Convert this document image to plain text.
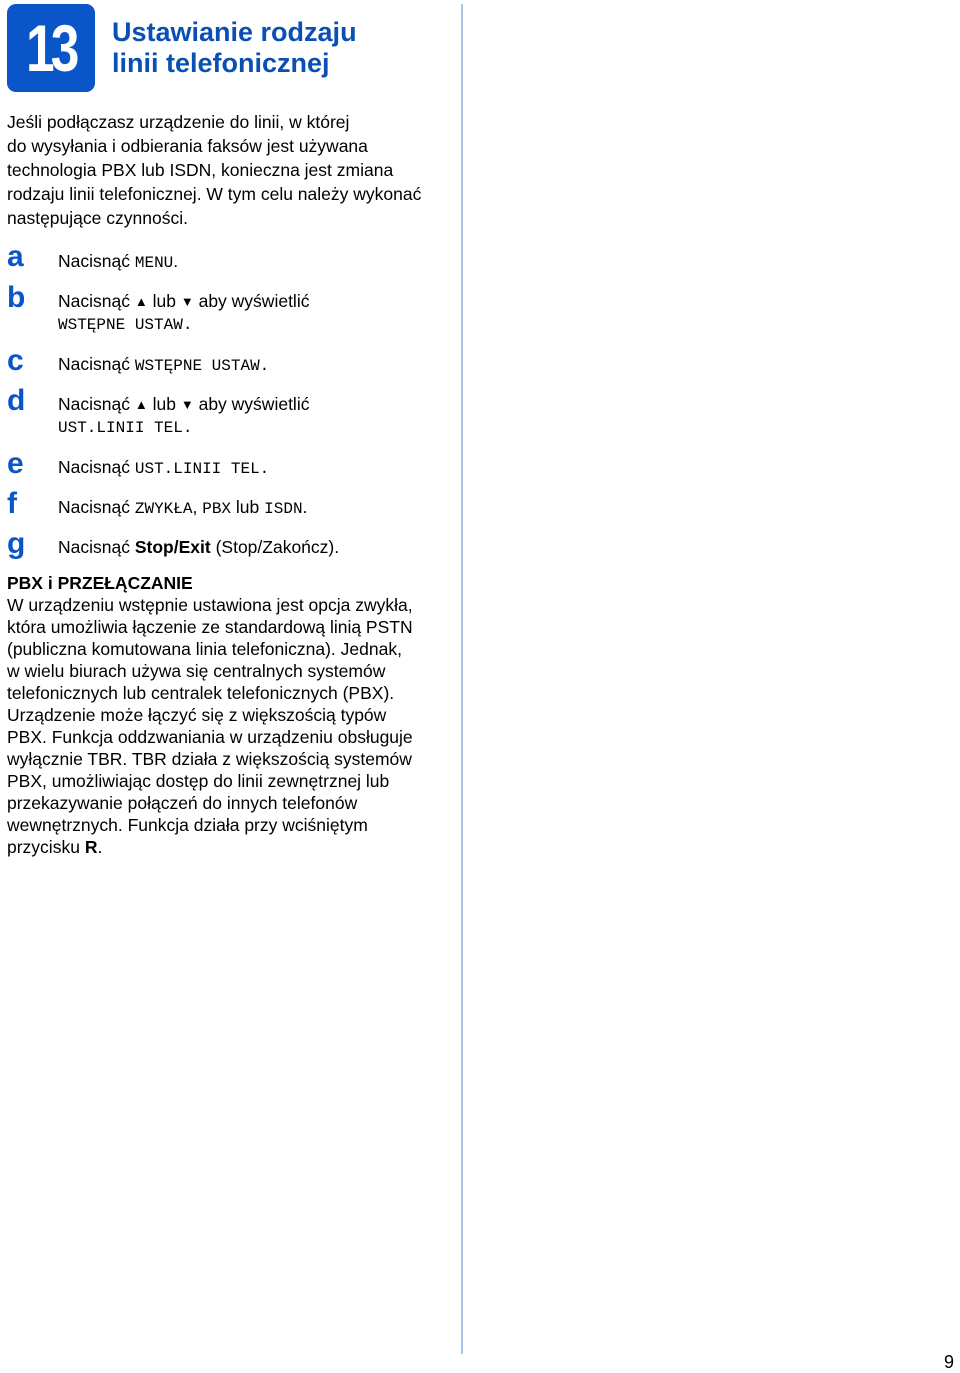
13 Ustawianie rodzaju
linii telefonicznej
Jeśli podłączasz urządzenie do linii, w której
do wysyłania i odbierania faksów jest używana
technologia PBX lub ISDN, konieczna jest zmiana
rodzaju linii telefonicznej. W tym celu należy wykonać
następujące czynności.
a Nacisnąć MENU.
b Nacisnąć ▲ lub ▼ aby wyświetlić
WSTĘPNE USTAW.
c Nacisnąć WSTĘPNE USTAW.
d Nacisnąć ▲ lub ▼ aby wyświetlić
UST.LINII TEL.
e Nacisnąć UST.LINII TEL.
f Nacisnąć ZWYKŁA, PBX lub ISDN.
g Nacisnąć Stop/Exit (Stop/Zakończ).
PBX i PRZEŁĄCZANIE
W urządzeniu wstępnie ustawiona jest opcja zwykła,
która umożliwia łączenie ze standardową linią PSTN
(publiczna komutowana linia telefoniczna). Jednak,
w wielu biurach używa się centralnych systemów
telefonicznych lub centralek telefonicznych (PBX).
Urządzenie może łączyć się z większością typów
PBX. Funkcja oddzwaniania w urządzeniu obsługuje
wyłącznie TBR. TBR działa z większością systemów
PBX, umożliwiając dostęp do linii zewnętrznej lub
przekazywanie połączeń do innych telefonów
wewnętrznych. Funkcja działa przy wciśniętym
przycisku R.
9
